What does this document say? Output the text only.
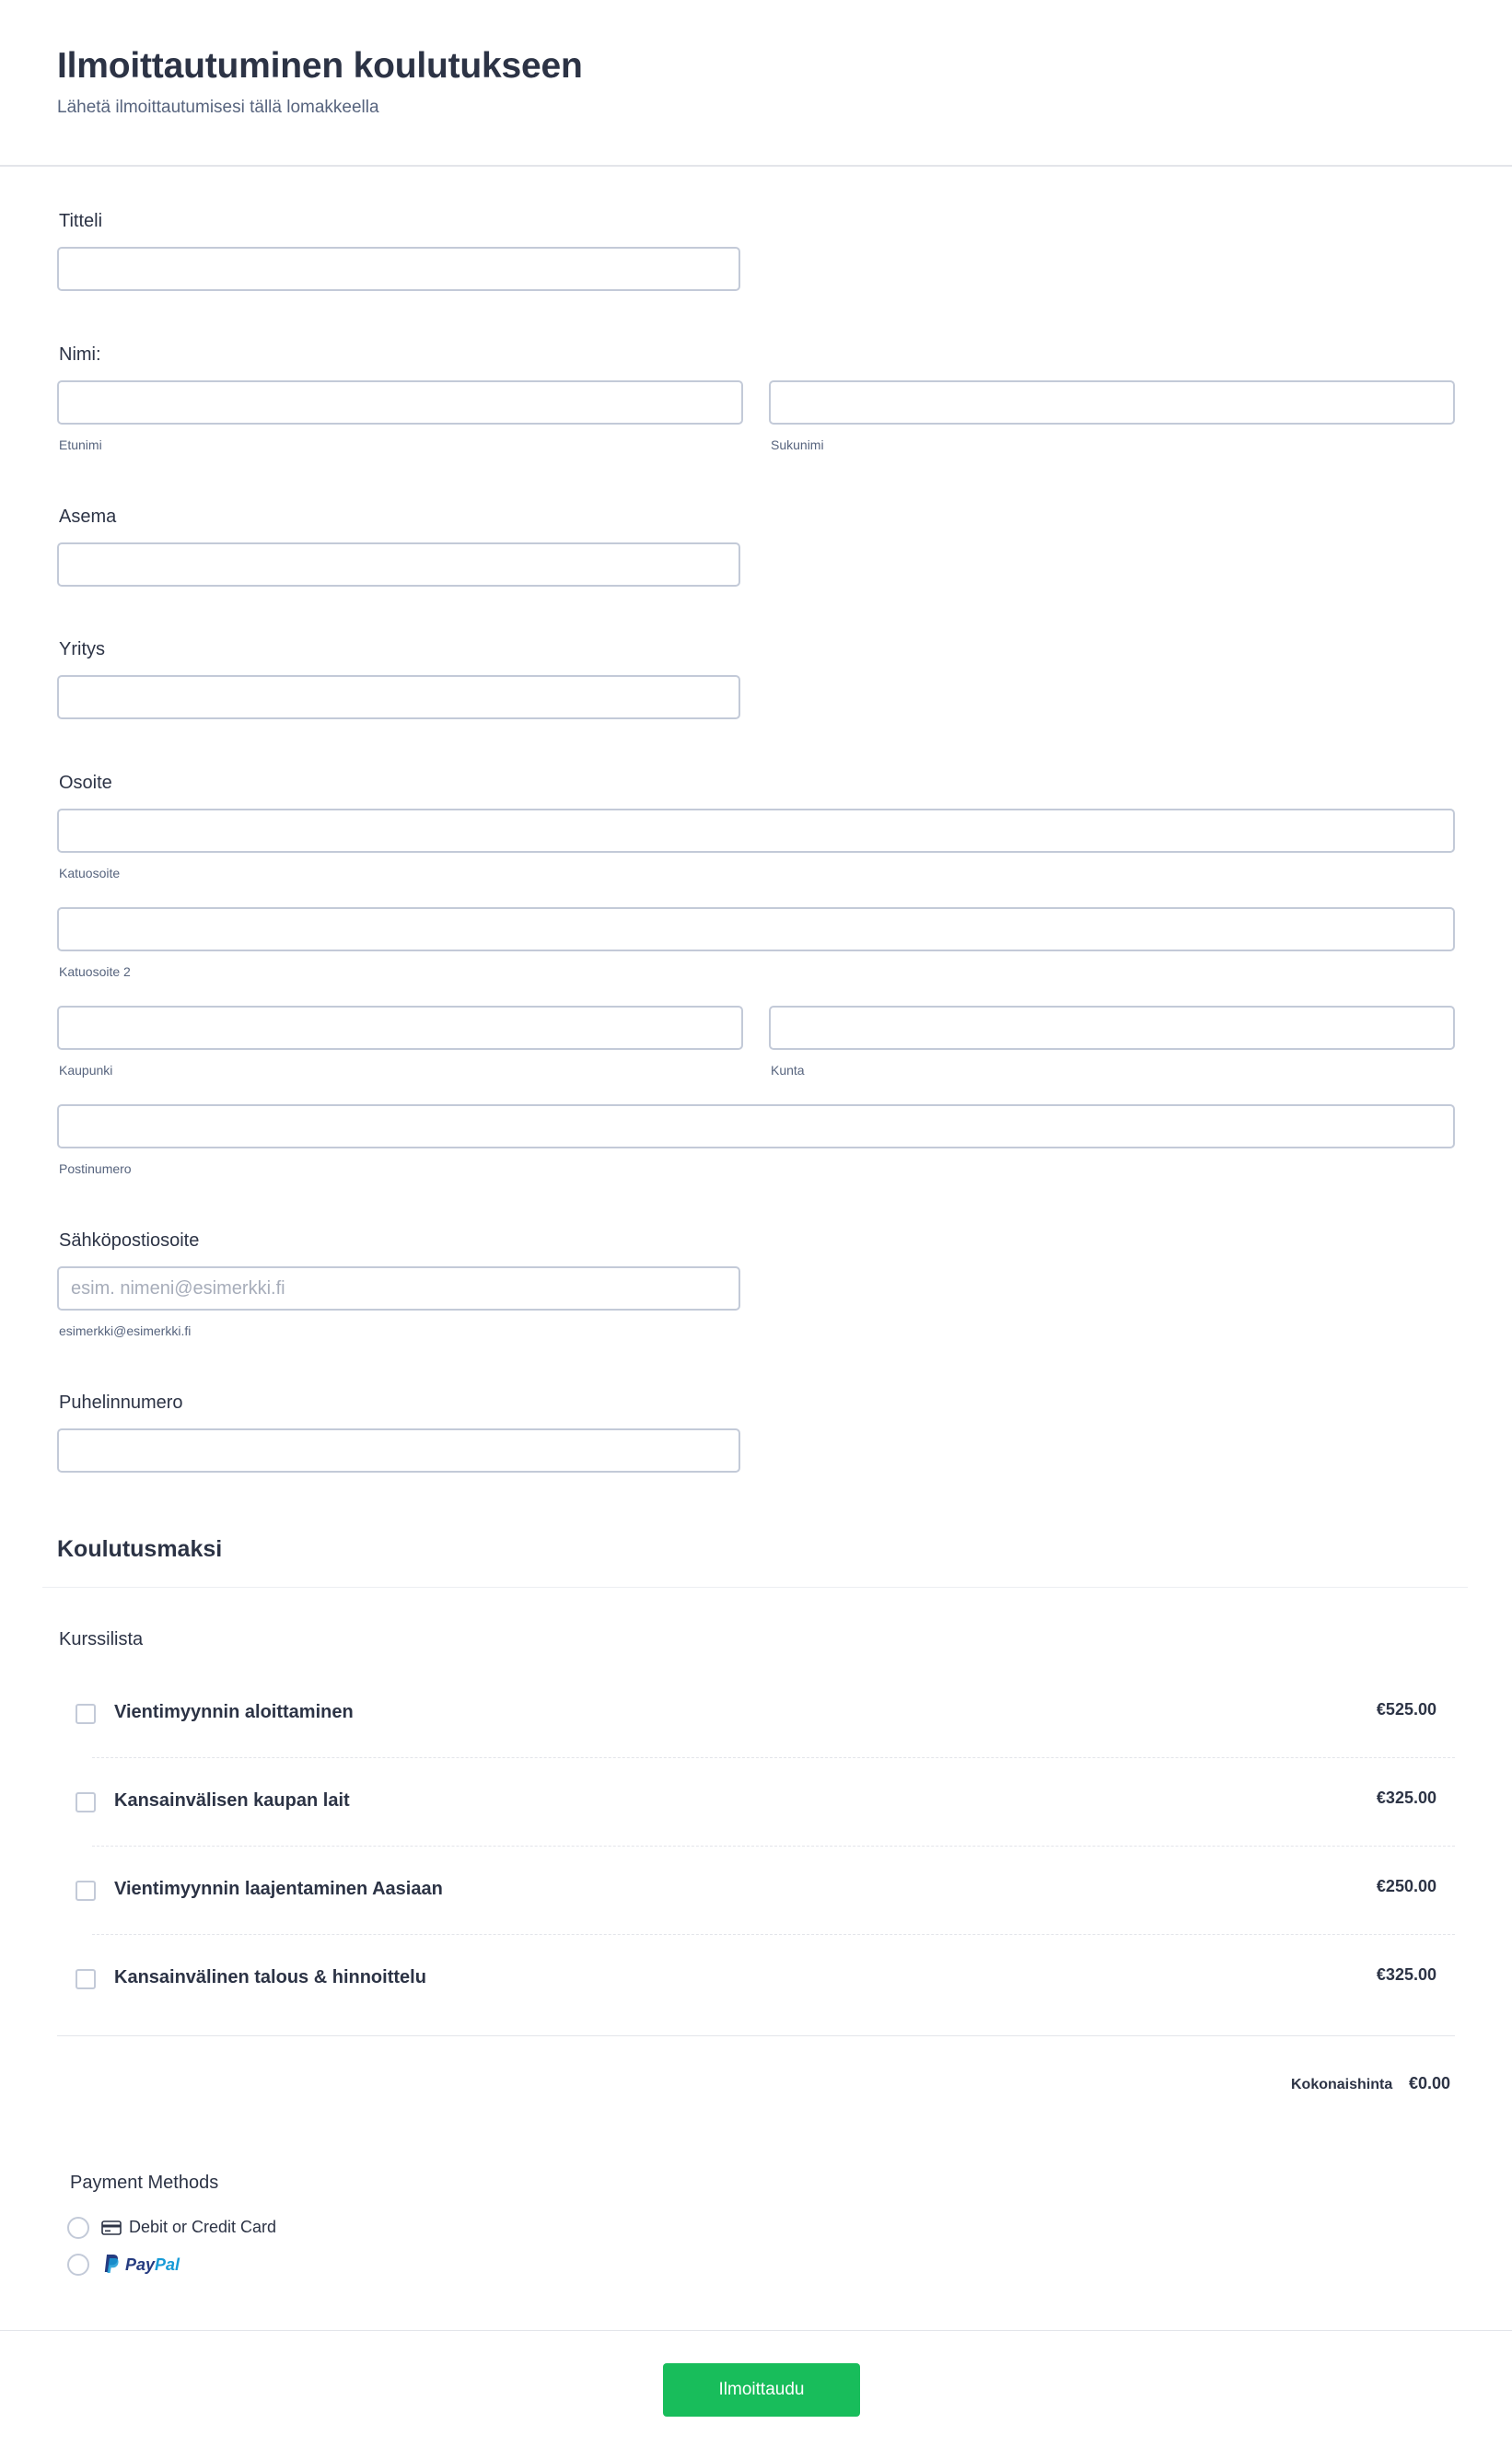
Ilmoittautuminen koulutukseen
Lähetä ilmoittautumisesi tällä lomakkeella
Titteli
Nimi:
Etunimi	Sukunimi
Asema
Yritys
Osoite
Katuosoite
Katuosoite 2
Kaupunki	Kunta
Postinumero
Sähköpostiosoite
esim. nimeni@esimerkki.fi
esimerkki@esimerkki.fi
Puhelinnumero
Koulutusmaksi
Kurssilista
Vientimyynnin aloittaminen	€525.00
Kansainvälisen kaupan lait	€325.00
Vientimyynnin laajentaminen Aasiaan	€250.00
Kansainvälinen talous & hinnoittelu	€325.00
Kokonaishinta €0.00
Payment Methods
Debit or Credit Card
PayPal
Ilmoittaudu
